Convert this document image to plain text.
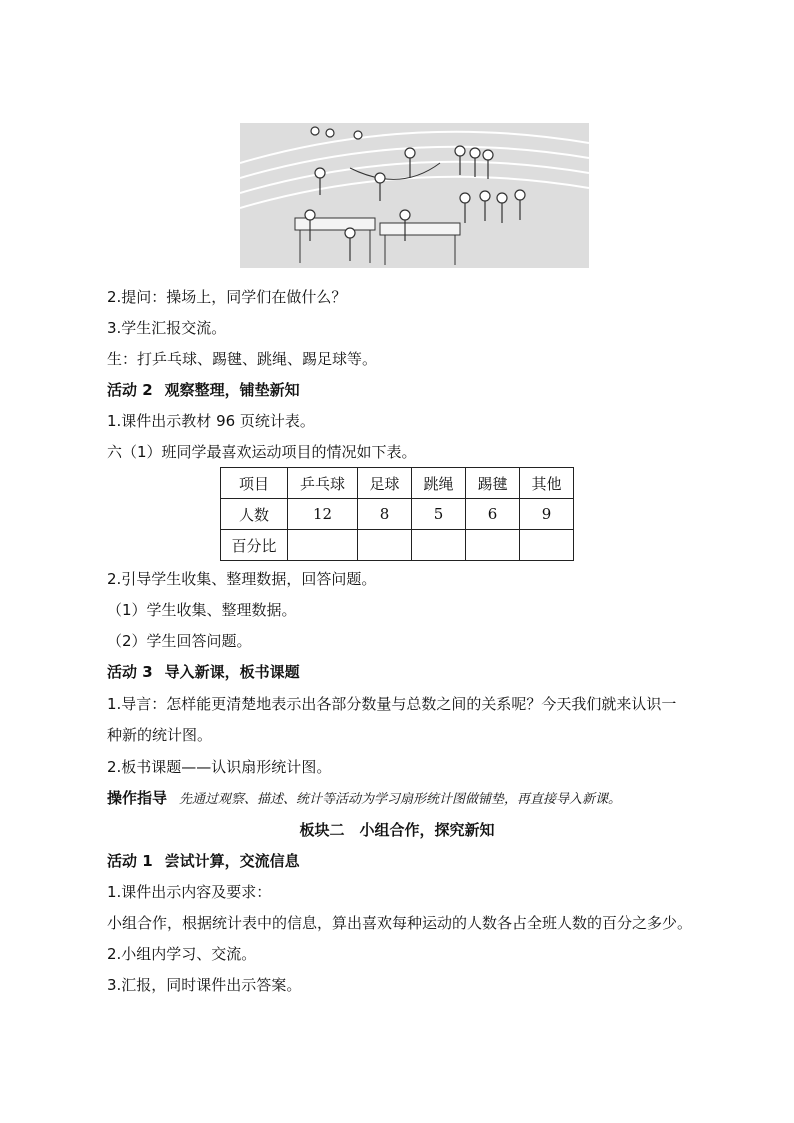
2.提问：操场上，同学们在做什么？
3.学生汇报交流。
生：打乒乓球、踢毽、跳绳、踢足球等。
活动 2 观察整理，铺垫新知
1.课件出示教材 96 页统计表。
六（1）班同学最喜欢运动项目的情况如下表。
项目	乒乓球	足球	跳绳	踢毽	其他
人数	12	8	5	6	9
百分比					
2.引导学生收集、整理数据，回答问题。
（1）学生收集、整理数据。
（2）学生回答问题。
活动 3 导入新课，板书课题
1.导言：怎样能更清楚地表示出各部分数量与总数之间的关系呢？今天我们就来认识一
种新的统计图。
2.板书课题——认识扇形统计图。
操作指导 先通过观察、描述、统计等活动为学习扇形统计图做铺垫，再直接导入新课。
板块二　小组合作，探究新知
活动 1 尝试计算，交流信息
1.课件出示内容及要求：
小组合作，根据统计表中的信息，算出喜欢每种运动的人数各占全班人数的百分之多少。
2.小组内学习、交流。
3.汇报，同时课件出示答案。
